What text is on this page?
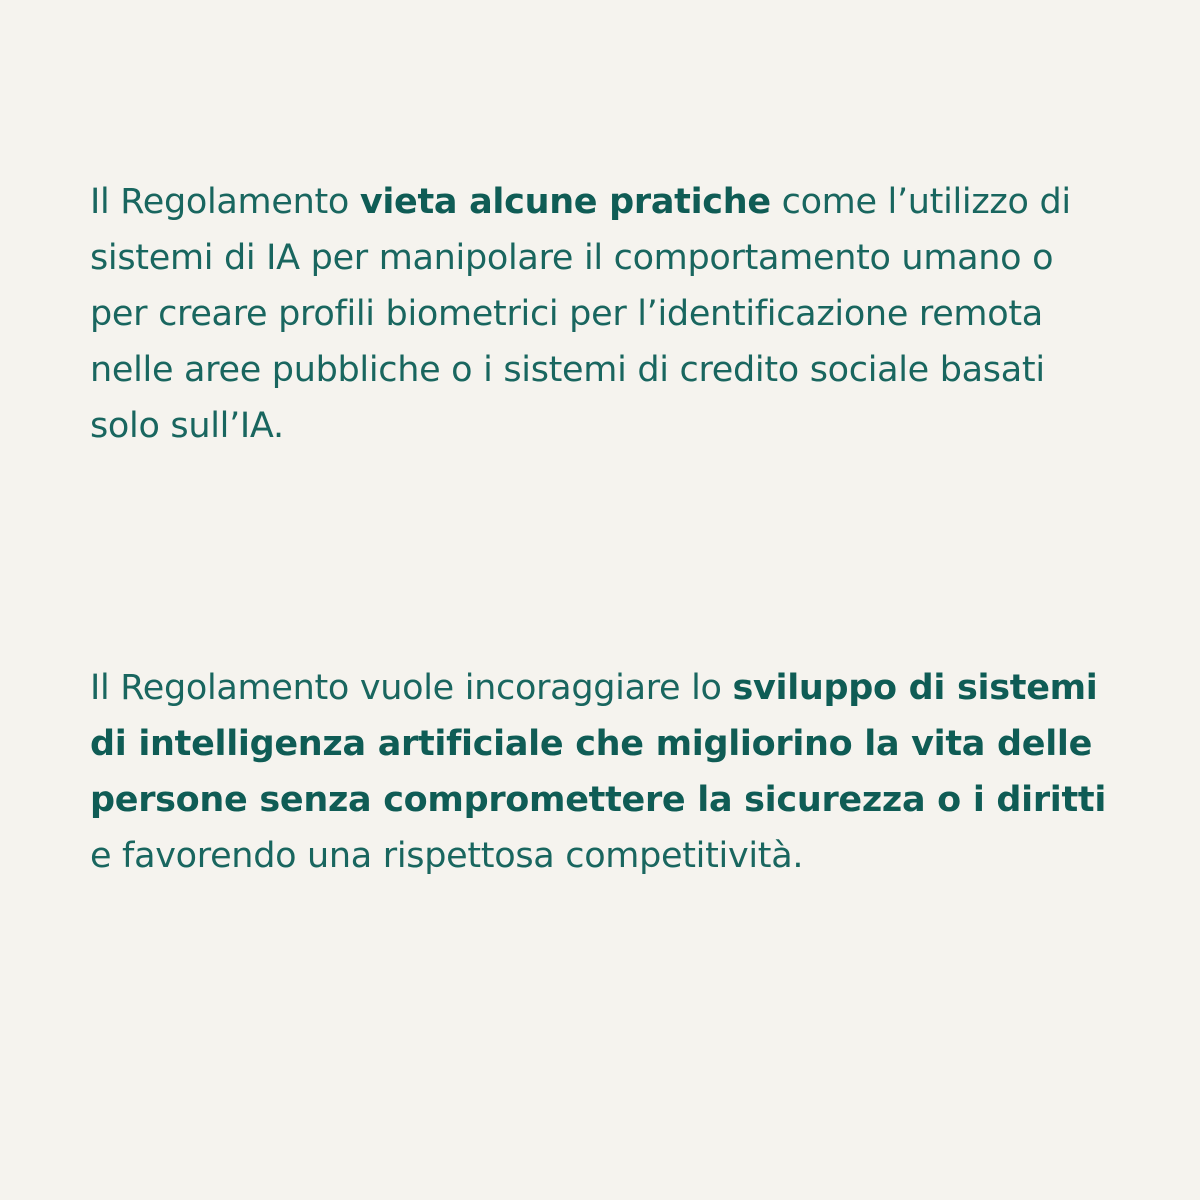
Il Regolamento vieta alcune pratiche come l’utilizzo di sistemi di IA per manipolare il comportamento umano o per creare profili biometrici per l’identificazione remota nelle aree pubbliche o i sistemi di credito sociale basati solo sull’IA.

Il Regolamento vuole incoraggiare lo sviluppo di sistemi di intelligenza artificiale che migliorino la vita delle persone senza compromettere la sicurezza o i diritti e favorendo una rispettosa competitività.
